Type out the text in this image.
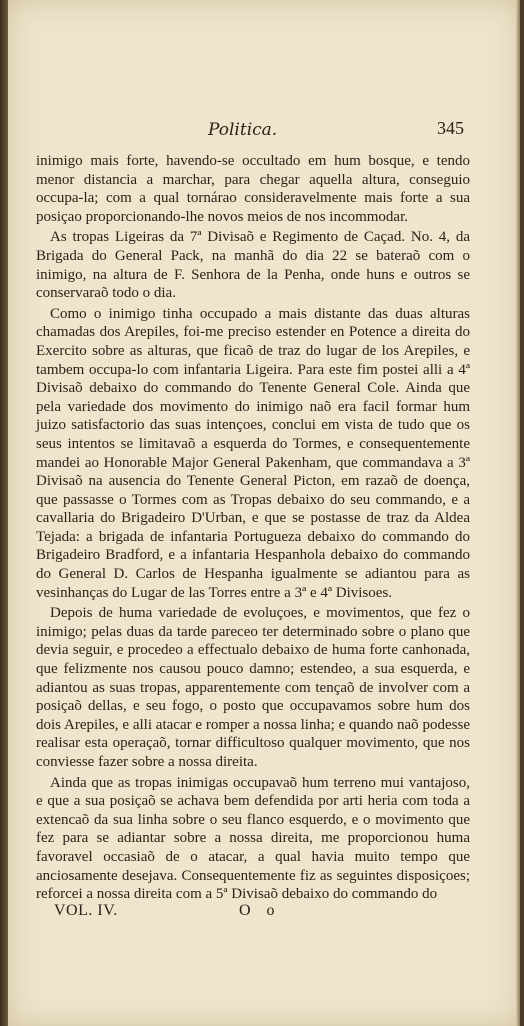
Politica.	345

inimigo mais forte, havendo-se occultado em hum bosque, e tendo menor distancia a marchar, para chegar aquella altura, conseguio occupa-la; com a qual tornárao consideravelmente mais forte a sua posiçao proporcionando-lhe novos meios de nos incommodar.

As tropas Ligeiras da 7ª Divisaõ e Regimento de Caçad. No. 4, da Brigada do General Pack, na manhã do dia 22 se bateraõ com o inimigo, na altura de F. Senhora de la Penha, onde huns e outros se conservaraõ todo o dia.

Como o inimigo tinha occupado a mais distante das duas alturas chamadas dos Arepiles, foi-me preciso estender en Potence a direita do Exercito sobre as alturas, que ficaõ de traz do lugar de los Arepiles, e tambem occupa-lo com infantaria Ligeira. Para este fim postei alli a 4ª Divisaõ debaixo do commando do Tenente General Cole. Ainda que pela variedade dos movimento do inimigo naõ era facil formar hum juizo satisfactorio das suas intençoes, conclui em vista de tudo que os seus intentos se limitavaõ a esquerda do Tormes, e consequentemente mandei ao Honorable Major General Pakenham, que commandava a 3ª Divisaõ na ausencia do Tenente General Picton, em razaõ de doença, que passasse o Tormes com as Tropas debaixo do seu commando, e a cavallaria do Brigadeiro D'Urban, e que se postasse de traz da Aldea Tejada: a brigada de infantaria Portugueza debaixo do commando do Brigadeiro Bradford, e a infantaria Hespanhola debaixo do commando do General D. Carlos de Hespanha igualmente se adiantou para as vesinhanças do Lugar de las Torres entre a 3ª e 4ª Divisoes.

Depois de huma variedade de evoluçoes, e movimentos, que fez o inimigo; pelas duas da tarde pareceo ter determinado sobre o plano que devia seguir, e procedeo a effectualo debaixo de huma forte canhonada, que felizmente nos causou pouco damno; estendeo, a sua esquerda, e adiantou as suas tropas, apparentemente com tençaõ de involver com a posiçaõ dellas, e seu fogo, o posto que occupavamos sobre hum dos dois Arepiles, e alli atacar e romper a nossa linha; e quando naõ podesse realisar esta operaçaõ, tornar difficultoso qualquer movimento, que nos conviesse fazer sobre a nossa direita.

Ainda que as tropas inimigas occupavaõ hum terreno mui vantajoso, e que a sua posiçaõ se achava bem defendida por arti heria com toda a extencaõ da sua linha sobre o seu flanco esquerdo, e o movimento que fez para se adiantar sobre a nossa direita, me proporcionou huma favoravel occasiaõ de o atacar, a qual havia muito tempo que anciosamente desejava. Consequentemente fiz as seguintes disposiçoes; reforcei a nossa direita com a 5ª Divisaõ debaixo do commando do

VOL. IV.	O o
